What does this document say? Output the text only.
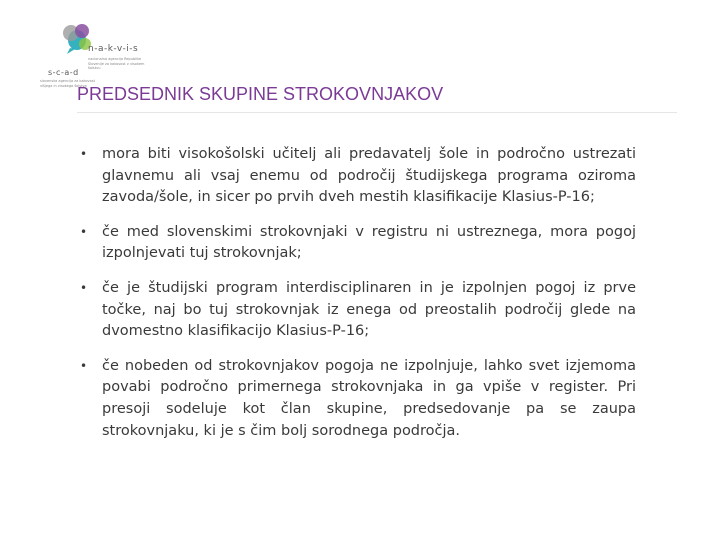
n-a-k-v-i-s
nacionalna agencija Republike Slovenije za kakovost v visokem šolstvu
s-c-a-d
slovenska agencija za kakovost višjega in visokega šolstva
PREDSEDNIK SKUPINE STROKOVNJAKOV
• mora biti visokošolski učitelj ali predavatelj šole in področno ustrezati glavnemu ali vsaj enemu od področij študijskega programa oziroma zavoda/šole, in sicer po prvih dveh mestih klasifikacije Klasius-P-16;
• če med slovenskimi strokovnjaki v registru ni ustreznega, mora pogoj izpolnjevati tuj strokovnjak;
• če je študijski program interdisciplinaren in je izpolnjen pogoj iz prve točke, naj bo tuj strokovnjak iz enega od preostalih področij glede na dvomestno klasifikacijo Klasius-P-16;
• če nobeden od strokovnjakov pogoja ne izpolnjuje, lahko svet izjemoma povabi področno primernega strokovnjaka in ga vpiše v register. Pri presoji sodeluje kot član skupine, predsedovanje pa se zaupa strokovnjaku, ki je s čim bolj sorodnega področja.
